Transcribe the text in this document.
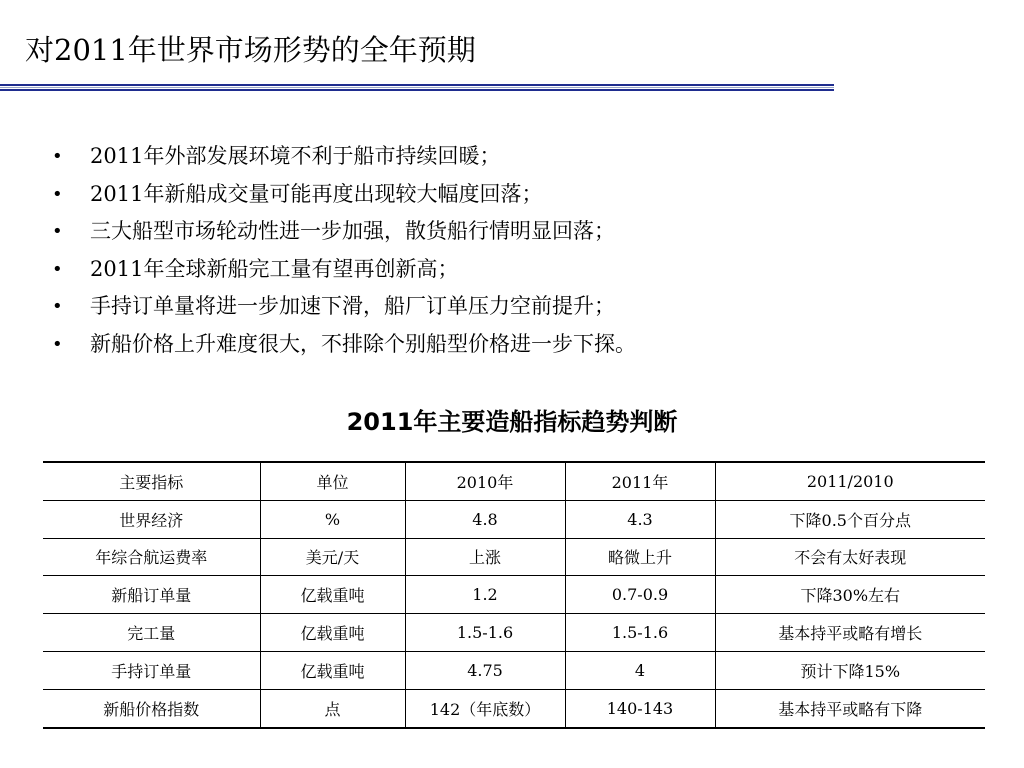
对2011年世界市场形势的全年预期
• 2011年外部发展环境不利于船市持续回暖；
• 2011年新船成交量可能再度出现较大幅度回落；
• 三大船型市场轮动性进一步加强，散货船行情明显回落；
• 2011年全球新船完工量有望再创新高；
• 手持订单量将进一步加速下滑，船厂订单压力空前提升；
• 新船价格上升难度很大，不排除个别船型价格进一步下探。
2011年主要造船指标趋势判断
主要指标	单位	2010年	2011年	2011/2010
世界经济	%	4.8	4.3	下降0.5个百分点
年综合航运费率	美元/天	上涨	略微上升	不会有太好表现
新船订单量	亿载重吨	1.2	0.7-0.9	下降30%左右
完工量	亿载重吨	1.5-1.6	1.5-1.6	基本持平或略有增长
手持订单量	亿载重吨	4.75	4	预计下降15%
新船价格指数	点	142（年底数）	140-143	基本持平或略有下降
